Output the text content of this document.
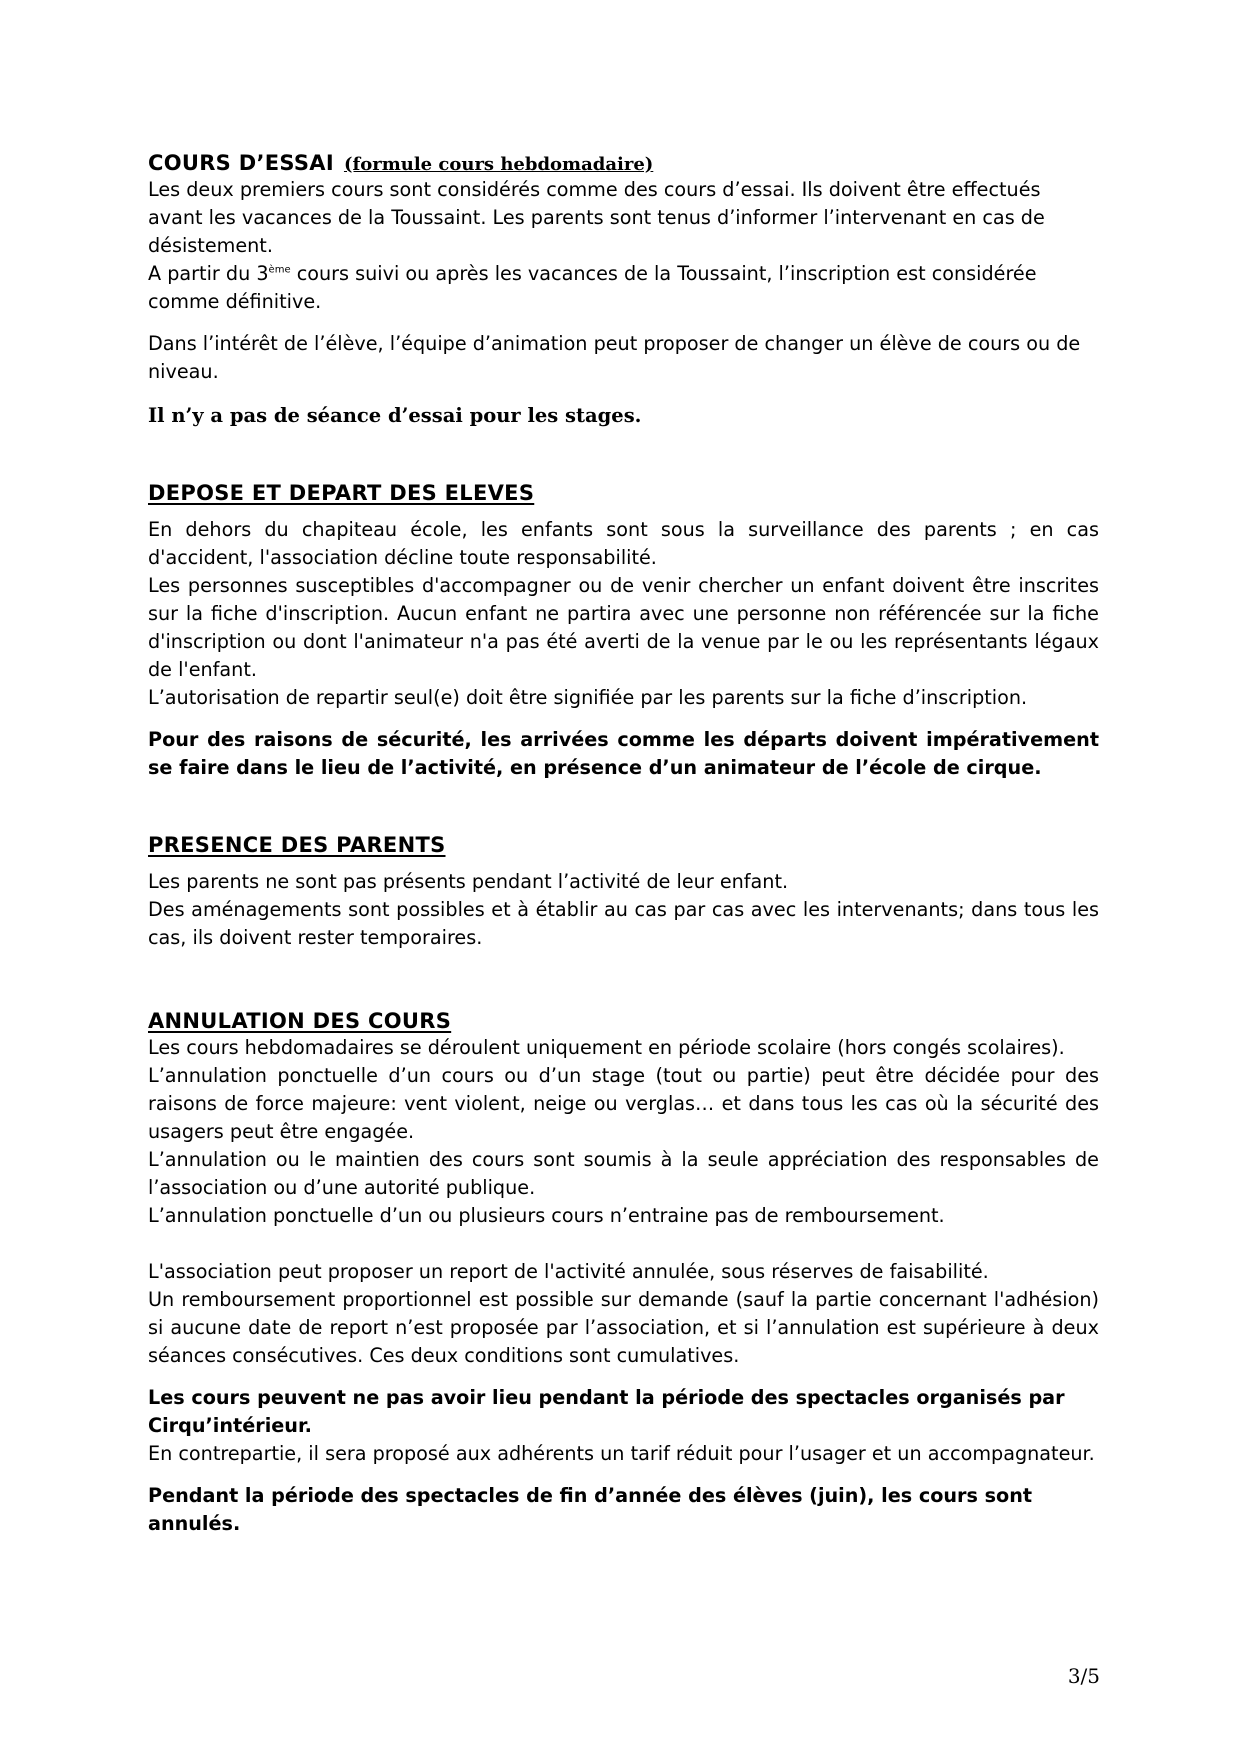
COURS D’ESSAI (formule cours hebdomadaire)

Les deux premiers cours sont considérés comme des cours d’essai. Ils doivent être effectués avant les vacances de la Toussaint. Les parents sont tenus d’informer l’intervenant en cas de désistement.

A partir du 3ème cours suivi ou après les vacances de la Toussaint, l’inscription est considérée comme définitive.

Dans l’intérêt de l’élève, l’équipe d’animation peut proposer de changer un élève de cours ou de niveau.

Il n’y a pas de séance d’essai pour les stages.

DEPOSE ET DEPART DES ELEVES

En dehors du chapiteau école, les enfants sont sous la surveillance des parents ; en cas d'accident, l'association décline toute responsabilité.

Les personnes susceptibles d'accompagner ou de venir chercher un enfant doivent être inscrites sur la fiche d'inscription. Aucun enfant ne partira avec une personne non référencée sur la fiche d'inscription ou dont l'animateur n'a pas été averti de la venue par le ou les représentants légaux de l'enfant.

L’autorisation de repartir seul(e) doit être signifiée par les parents sur la fiche d’inscription.

Pour des raisons de sécurité, les arrivées comme les départs doivent impérativement se faire dans le lieu de l’activité, en présence d’un animateur de l’école de cirque.

PRESENCE DES PARENTS

Les parents ne sont pas présents pendant l’activité de leur enfant.

Des aménagements sont possibles et à établir au cas par cas avec les intervenants; dans tous les cas, ils doivent rester temporaires.

ANNULATION DES COURS

Les cours hebdomadaires se déroulent uniquement en période scolaire (hors congés scolaires).

L’annulation ponctuelle d’un cours ou d’un stage (tout ou partie) peut être décidée pour des raisons de force majeure: vent violent, neige ou verglas… et dans tous les cas où la sécurité des usagers peut être engagée.

L’annulation ou le maintien des cours sont soumis à la seule appréciation des responsables de l’association ou d’une autorité publique.

L’annulation ponctuelle d’un ou plusieurs cours n’entraine pas de remboursement.

L'association peut proposer un report de l'activité annulée, sous réserves de faisabilité.

Un remboursement proportionnel est possible sur demande (sauf la partie concernant l'adhésion) si aucune date de report n’est proposée par l’association, et si l’annulation est supérieure à deux séances consécutives. Ces deux conditions sont cumulatives.

Les cours peuvent ne pas avoir lieu pendant la période des spectacles organisés par Cirqu’intérieur.

En contrepartie, il sera proposé aux adhérents un tarif réduit pour l’usager et un accompagnateur.

Pendant la période des spectacles de fin d’année des élèves (juin), les cours sont annulés.

3/5
